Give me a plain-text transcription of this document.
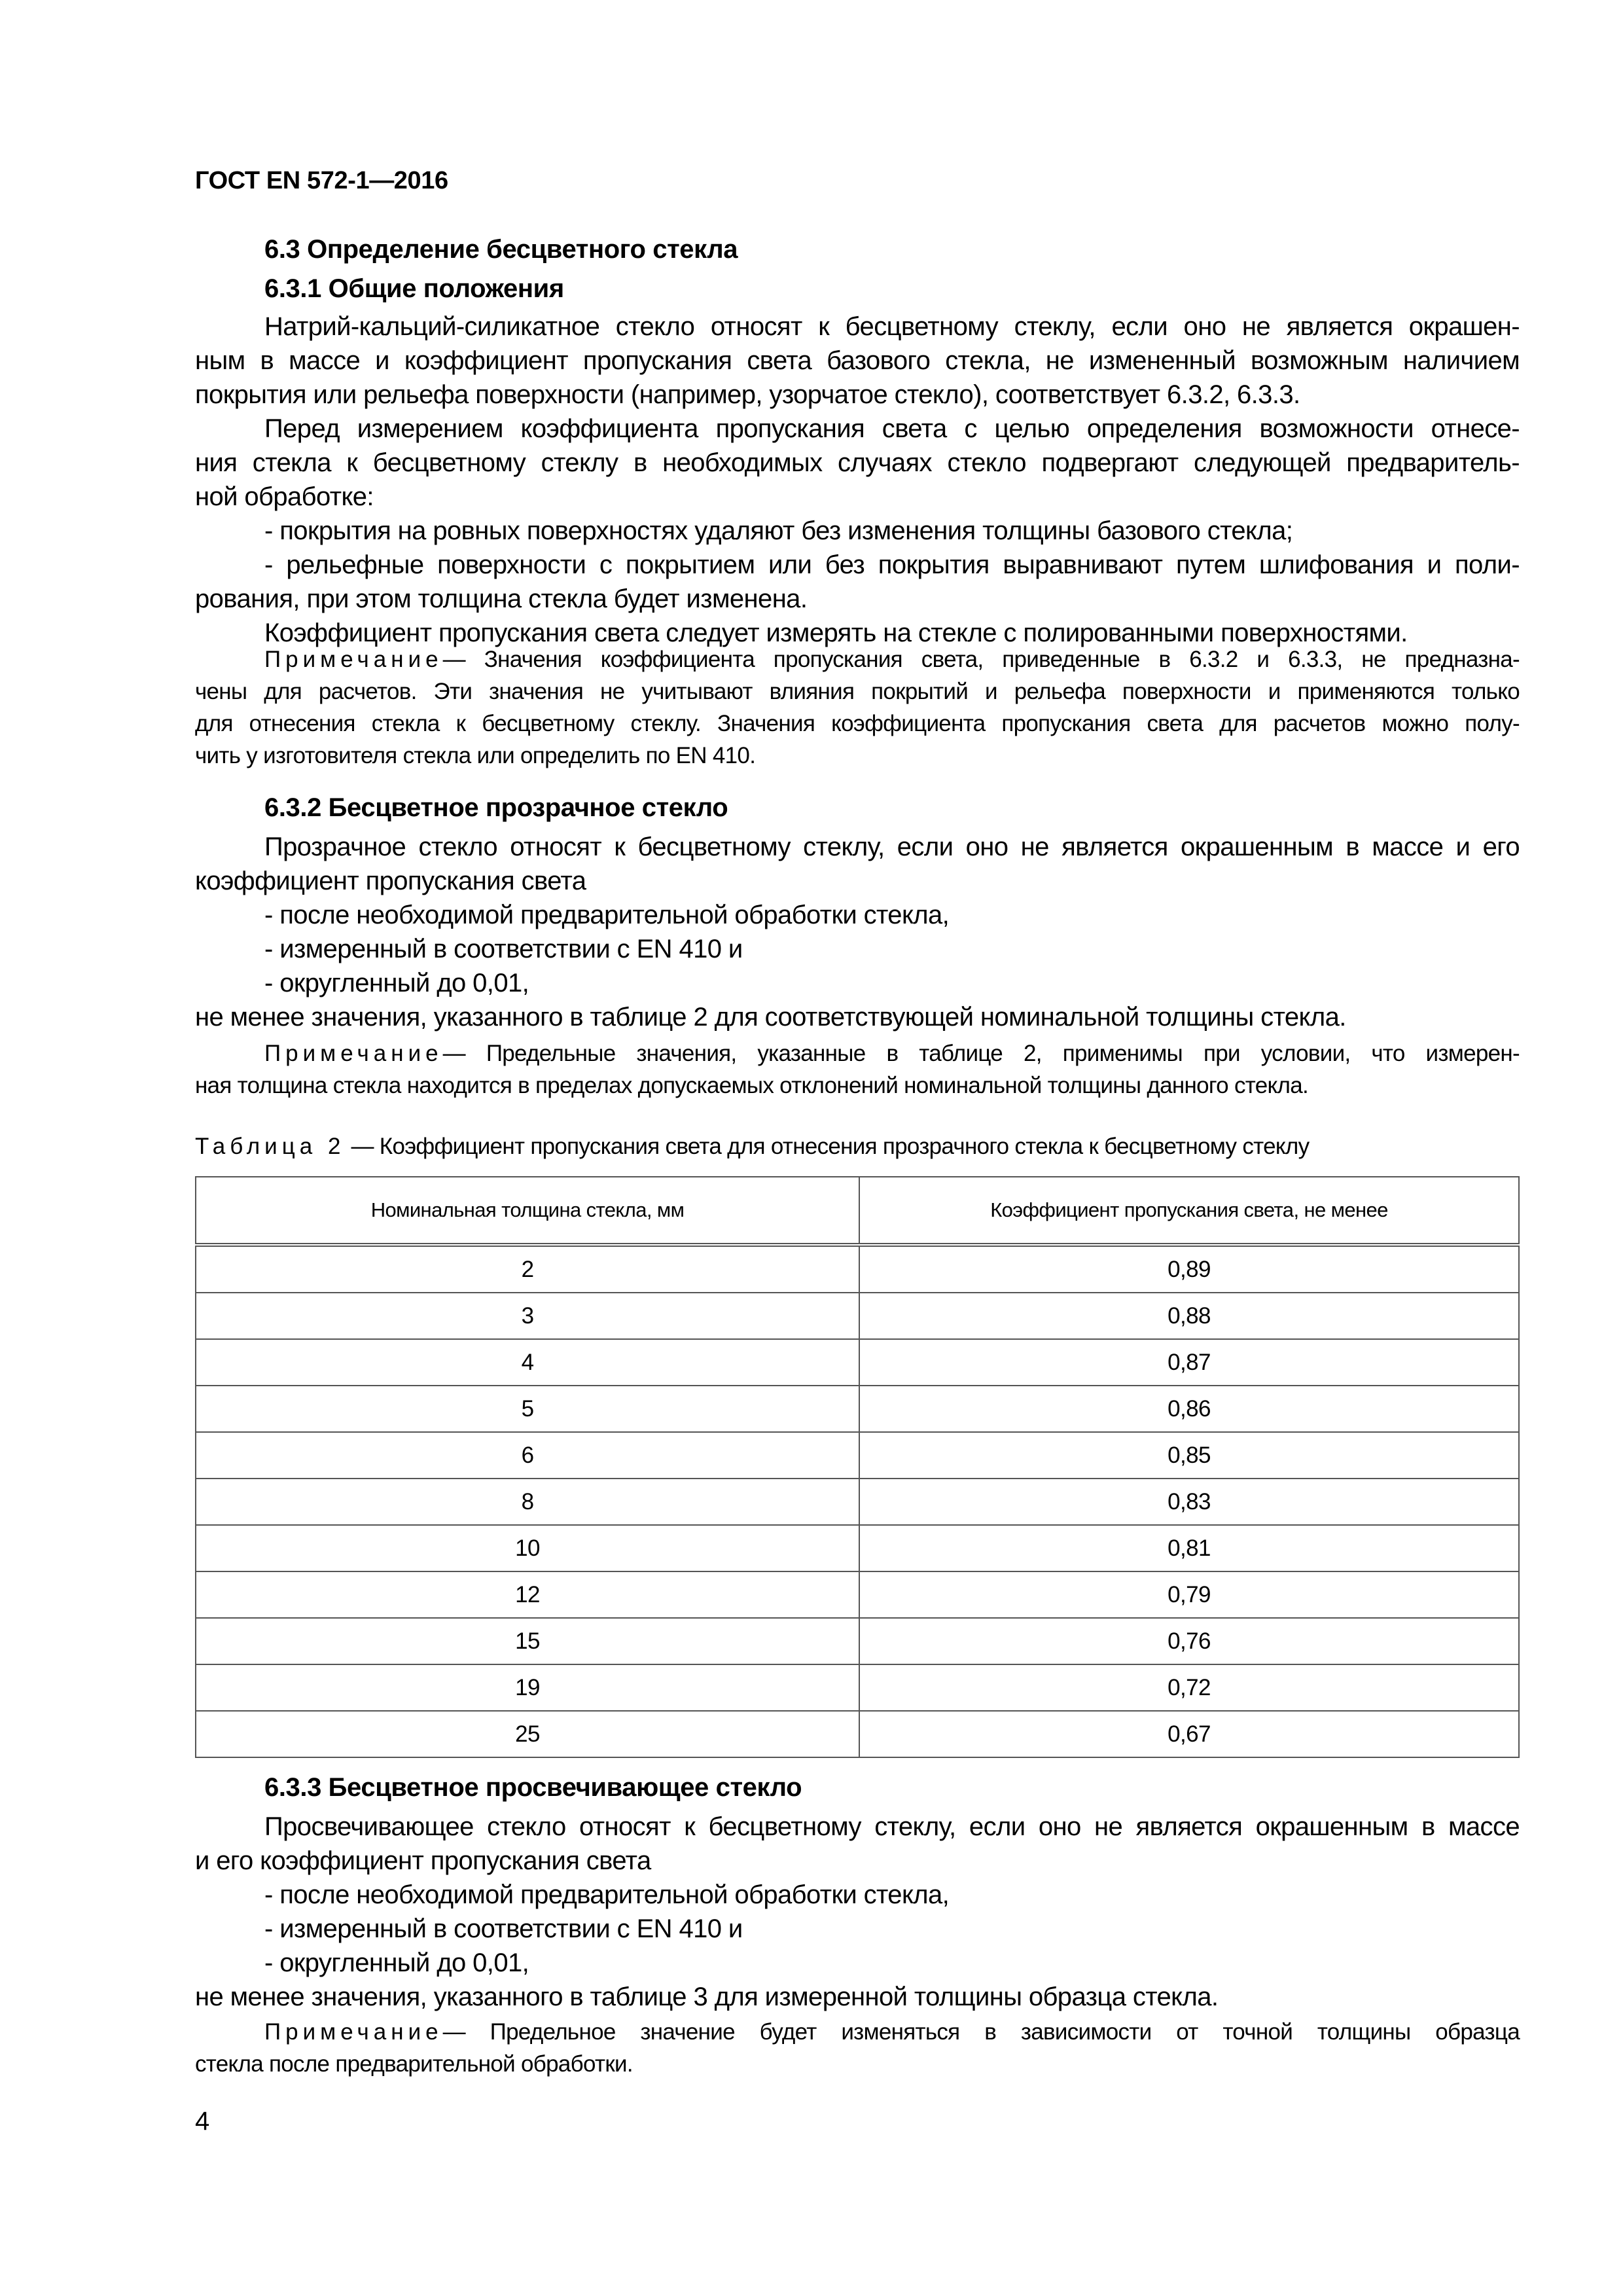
ГОСТ EN 572-1—2016
6.3 Определение бесцветного стекла
6.3.1 Общие положения
Натрий-кальций-силикатное стекло относят к бесцветному стеклу, если оно не является окрашен-
ным в массе и коэффициент пропускания света базового стекла, не измененный возможным наличием
покрытия или рельефа поверхности (например, узорчатое стекло), соответствует 6.3.2, 6.3.3.
Перед измерением коэффициента пропускания света с целью определения возможности отнесе-
ния стекла к бесцветному стеклу в необходимых случаях стекло подвергают следующей предваритель-
ной обработке:
- покрытия на ровных поверхностях удаляют без изменения толщины базового стекла;
- рельефные поверхности с покрытием или без покрытия выравнивают путем шлифования и поли-
рования, при этом толщина стекла будет изменена.
Коэффициент пропускания света следует измерять на стекле с полированными поверхностями.
Примечание— Значения коэффициента пропускания света, приведенные в 6.3.2 и 6.3.3, не предназна-
чены для расчетов. Эти значения не учитывают влияния покрытий и рельефа поверхности и применяются только
для отнесения стекла к бесцветному стеклу. Значения коэффициента пропускания света для расчетов можно полу-
чить у изготовителя стекла или определить по EN 410.
6.3.2 Бесцветное прозрачное стекло
Прозрачное стекло относят к бесцветному стеклу, если оно не является окрашенным в массе и его
коэффициент пропускания света
- после необходимой предварительной обработки стекла,
- измеренный в соответствии с EN 410 и
- округленный до 0,01,
не менее значения, указанного в таблице 2 для соответствующей номинальной толщины стекла.
Примечание— Предельные значения, указанные в таблице 2, применимы при условии, что измерен-
ная толщина стекла находится в пределах допускаемых отклонений номинальной толщины данного стекла.
Таблица 2 — Коэффициент пропускания света для отнесения прозрачного стекла к бесцветному стеклу
Номинальная толщина стекла, мм	Коэффициент пропускания света, не менее
2	0,89
3	0,88
4	0,87
5	0,86
6	0,85
8	0,83
10	0,81
12	0,79
15	0,76
19	0,72
25	0,67
6.3.3 Бесцветное просвечивающее стекло
Просвечивающее стекло относят к бесцветному стеклу, если оно не является окрашенным в массе
и его коэффициент пропускания света
- после необходимой предварительной обработки стекла,
- измеренный в соответствии с EN 410 и
- округленный до 0,01,
не менее значения, указанного в таблице 3 для измеренной толщины образца стекла.
Примечание— Предельное значение будет изменяться в зависимости от точной толщины образца
стекла после предварительной обработки.
4
